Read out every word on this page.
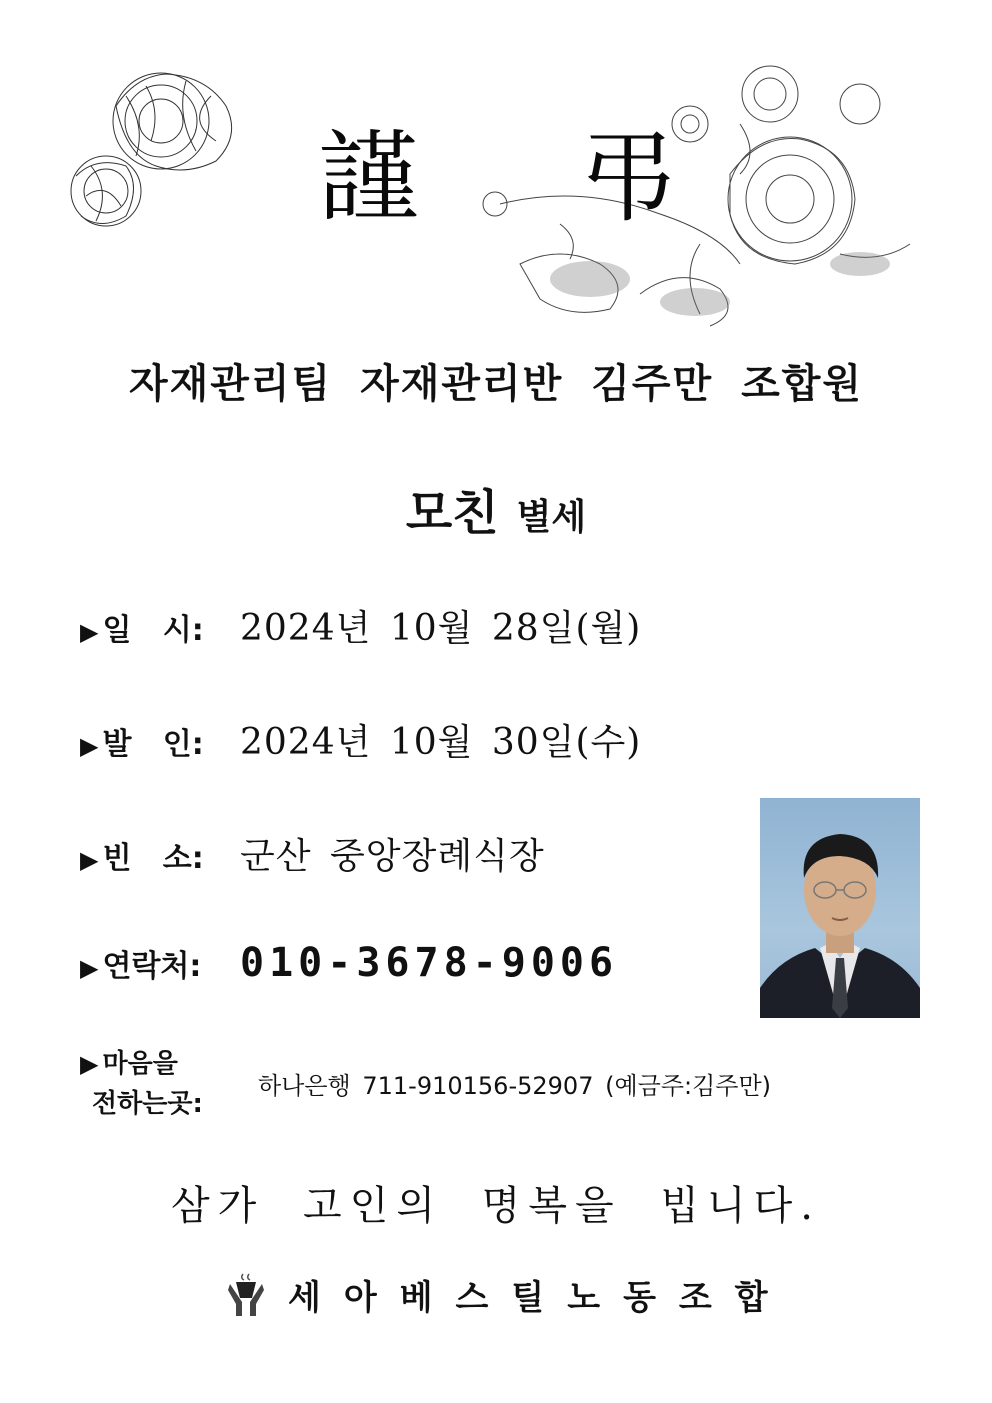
謹 弔
자재관리팀 자재관리반 김주만 조합원
모친 별세
▶ 일   시:	2024년 10월 28일(월)
▶ 발   인:	2024년 10월 30일(수)
▶ 빈   소:	군산 중앙장례식장
▶ 연락처: 010-3678-9006
▶ 마음을
전하는곳:
하나은행 711-910156-52907 (예금주:김주만)
삼가 고인의 명복을 빕니다.
세아베스틸노동조합
